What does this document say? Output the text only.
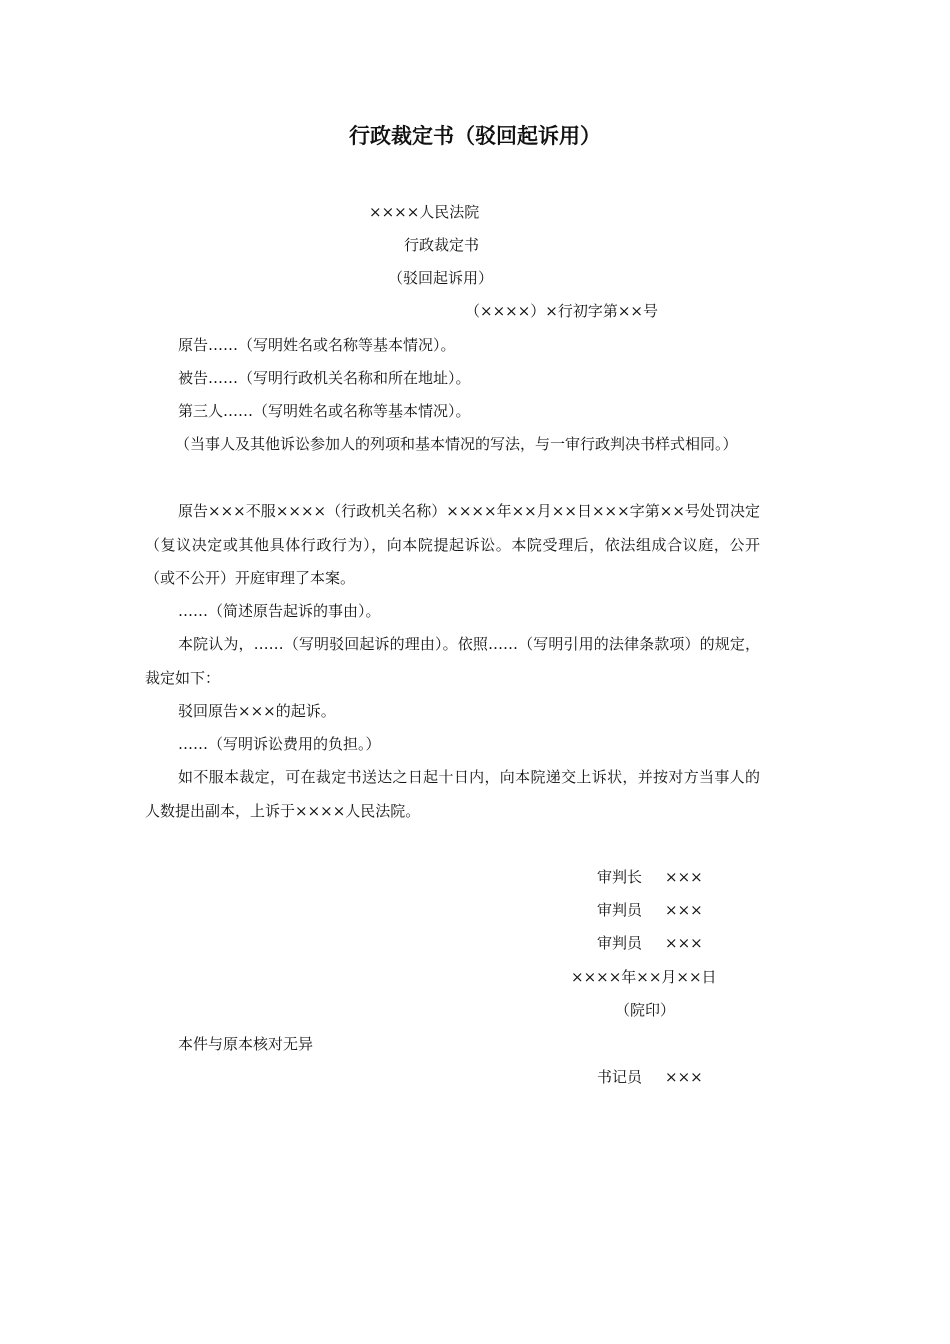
行政裁定书（驳回起诉用）
××××人民法院
行政裁定书
（驳回起诉用）
（××××）×行初字第××号
原告……（写明姓名或名称等基本情况）。
被告……（写明行政机关名称和所在地址）。
第三人……（写明姓名或名称等基本情况）。
（当事人及其他诉讼参加人的列项和基本情况的写法，与一审行政判决书样式相同。）
原告×××不服××××（行政机关名称）××××年××月××日×××字第××号处罚决定（复议决定或其他具体行政行为），向本院提起诉讼。本院受理后，依法组成合议庭，公开（或不公开）开庭审理了本案。
……（简述原告起诉的事由）。
本院认为，……（写明驳回起诉的理由）。依照……（写明引用的法律条款项）的规定，裁定如下：
驳回原告×××的起诉。
……（写明诉讼费用的负担。）
如不服本裁定，可在裁定书送达之日起十日内，向本院递交上诉状，并按对方当事人的人数提出副本，上诉于××××人民法院。
审判长 ×××
审判员 ×××
审判员 ×××
××××年××月××日
（院印）
本件与原本核对无异
书记员 ×××
